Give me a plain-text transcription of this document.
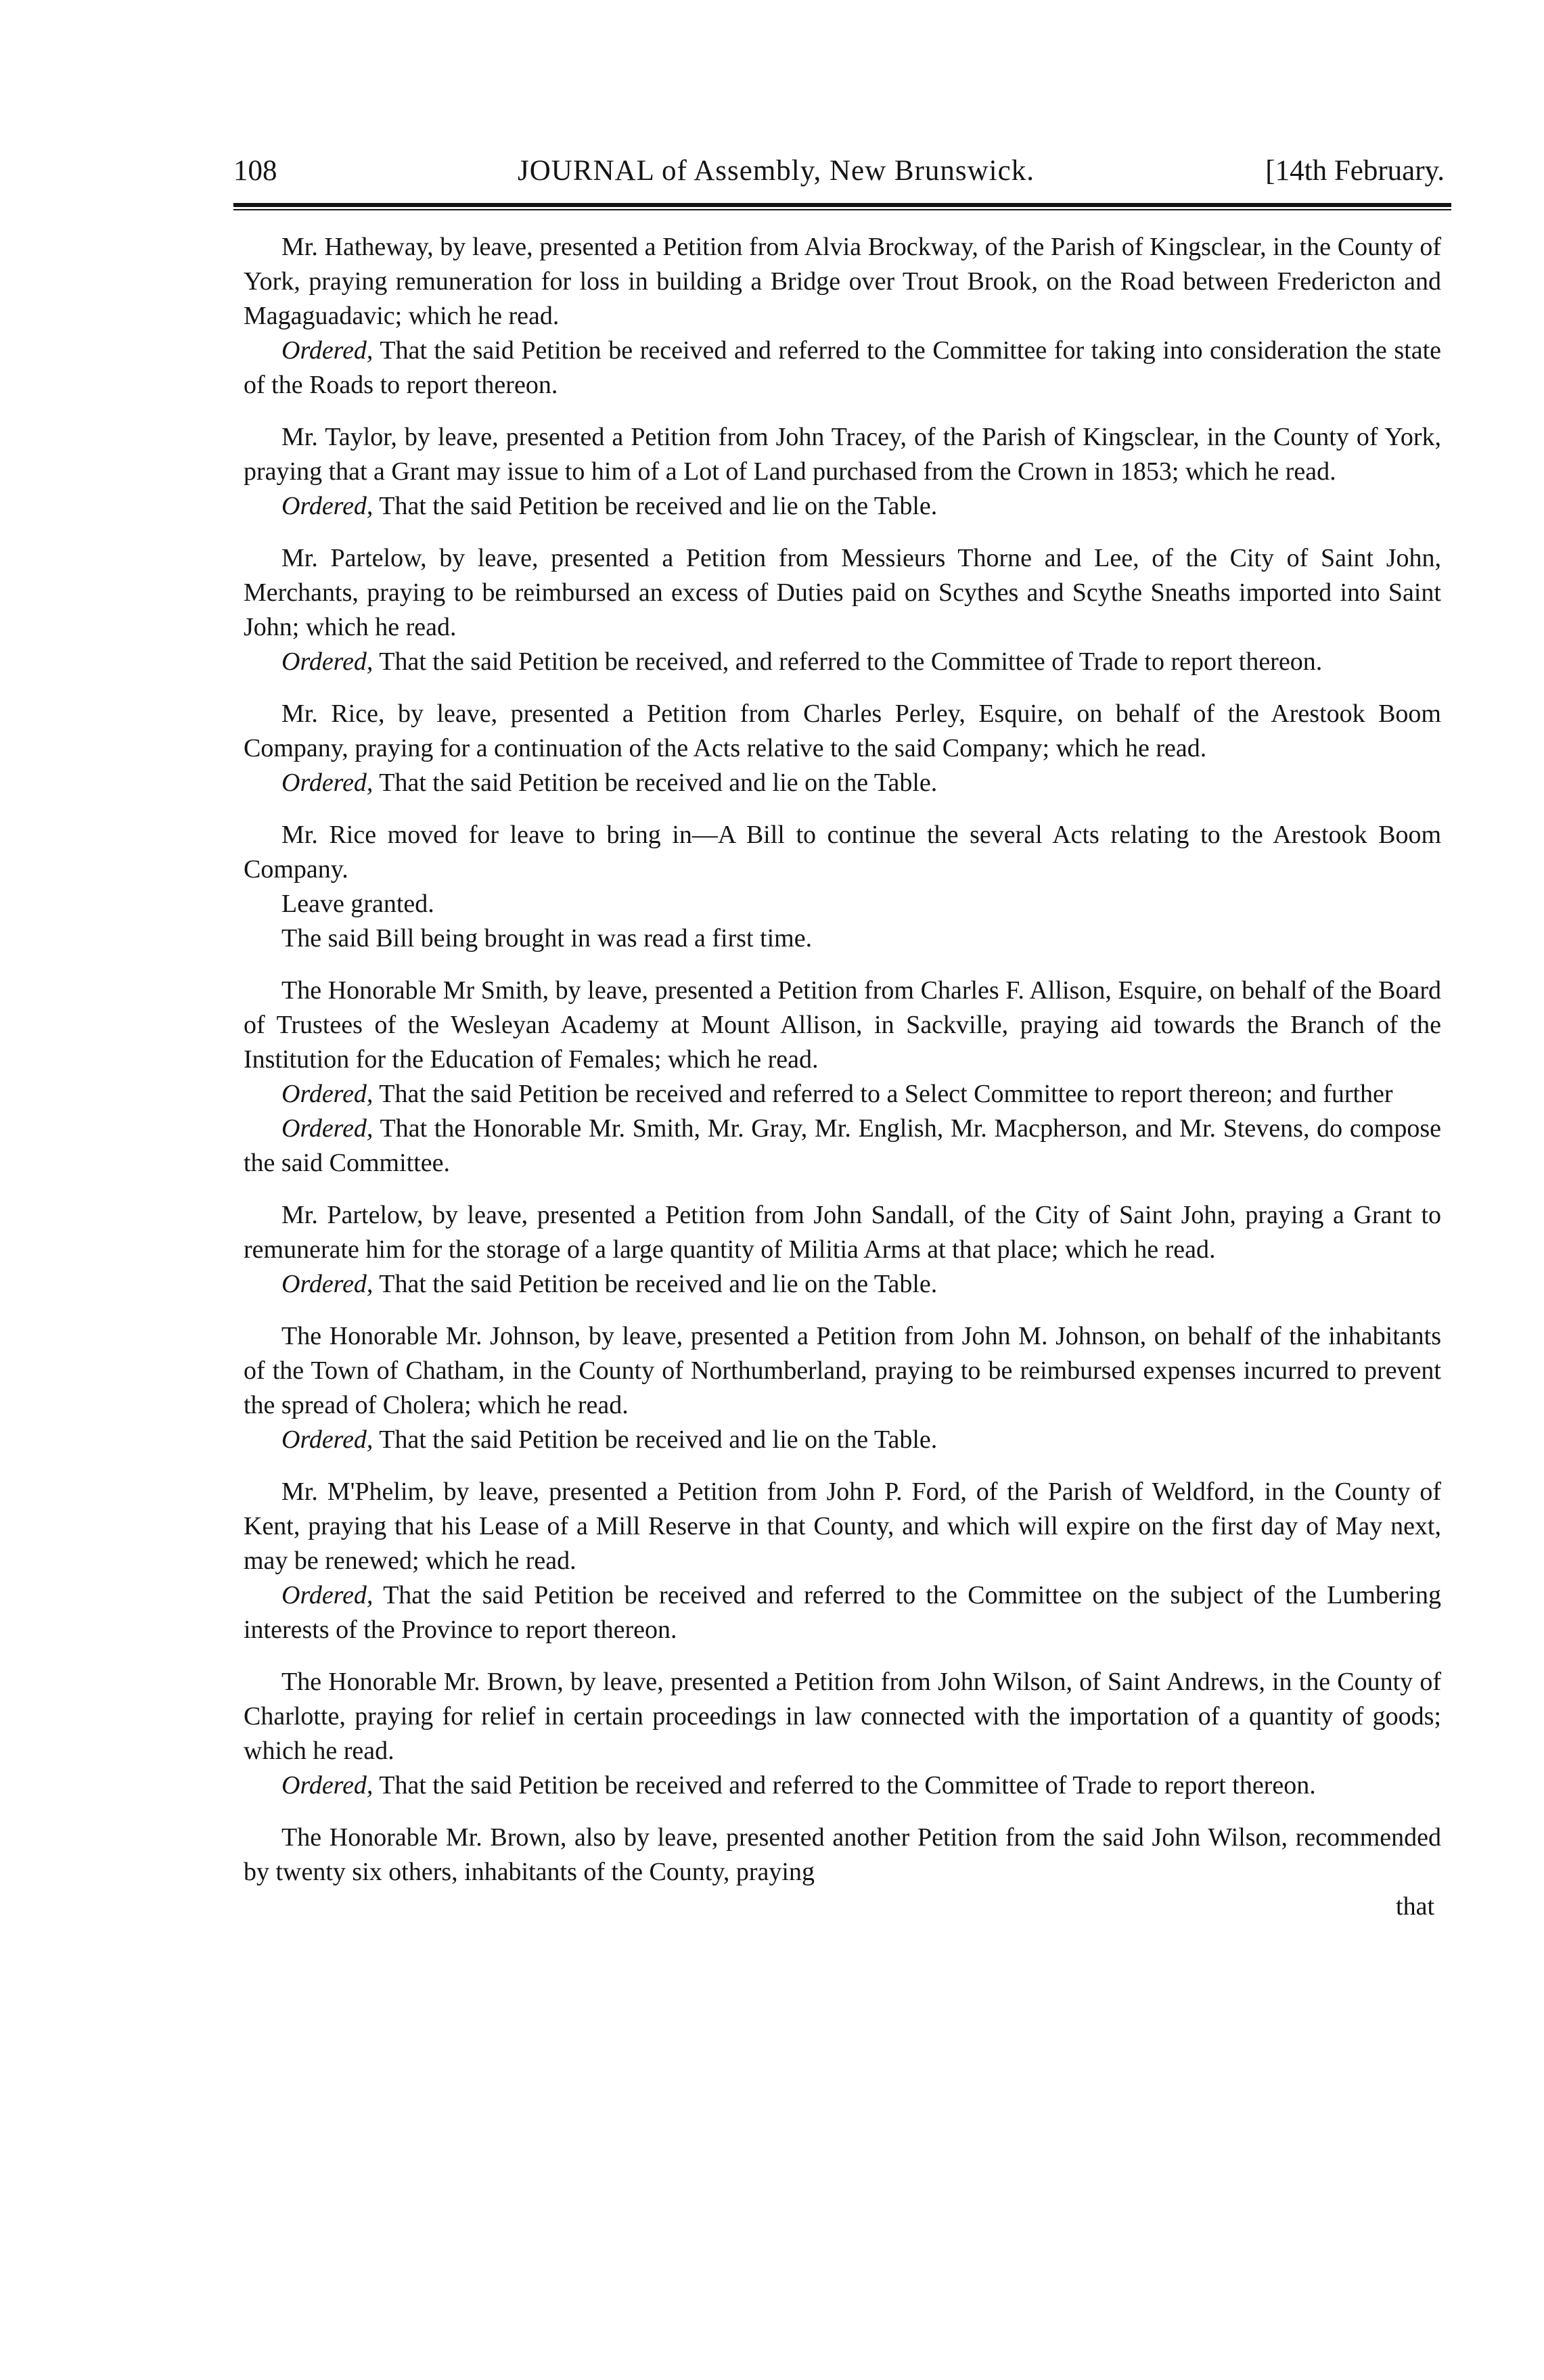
108	JOURNAL of Assembly, New Brunswick.	[14th February.

Mr. Hatheway, by leave, presented a Petition from Alvia Brockway, of the Parish of Kingsclear, in the County of York, praying remuneration for loss in building a Bridge over Trout Brook, on the Road between Fredericton and Magaguadavic; which he read.

Ordered, That the said Petition be received and referred to the Committee for taking into consideration the state of the Roads to report thereon.

Mr. Taylor, by leave, presented a Petition from John Tracey, of the Parish of Kingsclear, in the County of York, praying that a Grant may issue to him of a Lot of Land purchased from the Crown in 1853; which he read.

Ordered, That the said Petition be received and lie on the Table.

Mr. Partelow, by leave, presented a Petition from Messieurs Thorne and Lee, of the City of Saint John, Merchants, praying to be reimbursed an excess of Duties paid on Scythes and Scythe Sneaths imported into Saint John; which he read.

Ordered, That the said Petition be received, and referred to the Committee of Trade to report thereon.

Mr. Rice, by leave, presented a Petition from Charles Perley, Esquire, on behalf of the Arestook Boom Company, praying for a continuation of the Acts relative to the said Company; which he read.

Ordered, That the said Petition be received and lie on the Table.

Mr. Rice moved for leave to bring in—A Bill to continue the several Acts relating to the Arestook Boom Company.

Leave granted.

The said Bill being brought in was read a first time.

The Honorable Mr Smith, by leave, presented a Petition from Charles F. Allison, Esquire, on behalf of the Board of Trustees of the Wesleyan Academy at Mount Allison, in Sackville, praying aid towards the Branch of the Institution for the Education of Females; which he read.

Ordered, That the said Petition be received and referred to a Select Committee to report thereon; and further

Ordered, That the Honorable Mr. Smith, Mr. Gray, Mr. English, Mr. Macpherson, and Mr. Stevens, do compose the said Committee.

Mr. Partelow, by leave, presented a Petition from John Sandall, of the City of Saint John, praying a Grant to remunerate him for the storage of a large quantity of Militia Arms at that place; which he read.

Ordered, That the said Petition be received and lie on the Table.

The Honorable Mr. Johnson, by leave, presented a Petition from John M. Johnson, on behalf of the inhabitants of the Town of Chatham, in the County of Northumberland, praying to be reimbursed expenses incurred to prevent the spread of Cholera; which he read.

Ordered, That the said Petition be received and lie on the Table.

Mr. M'Phelim, by leave, presented a Petition from John P. Ford, of the Parish of Weldford, in the County of Kent, praying that his Lease of a Mill Reserve in that County, and which will expire on the first day of May next, may be renewed; which he read.

Ordered, That the said Petition be received and referred to the Committee on the subject of the Lumbering interests of the Province to report thereon.

The Honorable Mr. Brown, by leave, presented a Petition from John Wilson, of Saint Andrews, in the County of Charlotte, praying for relief in certain proceedings in law connected with the importation of a quantity of goods; which he read.

Ordered, That the said Petition be received and referred to the Committee of Trade to report thereon.

The Honorable Mr. Brown, also by leave, presented another Petition from the said John Wilson, recommended by twenty six others, inhabitants of the County, praying

that
